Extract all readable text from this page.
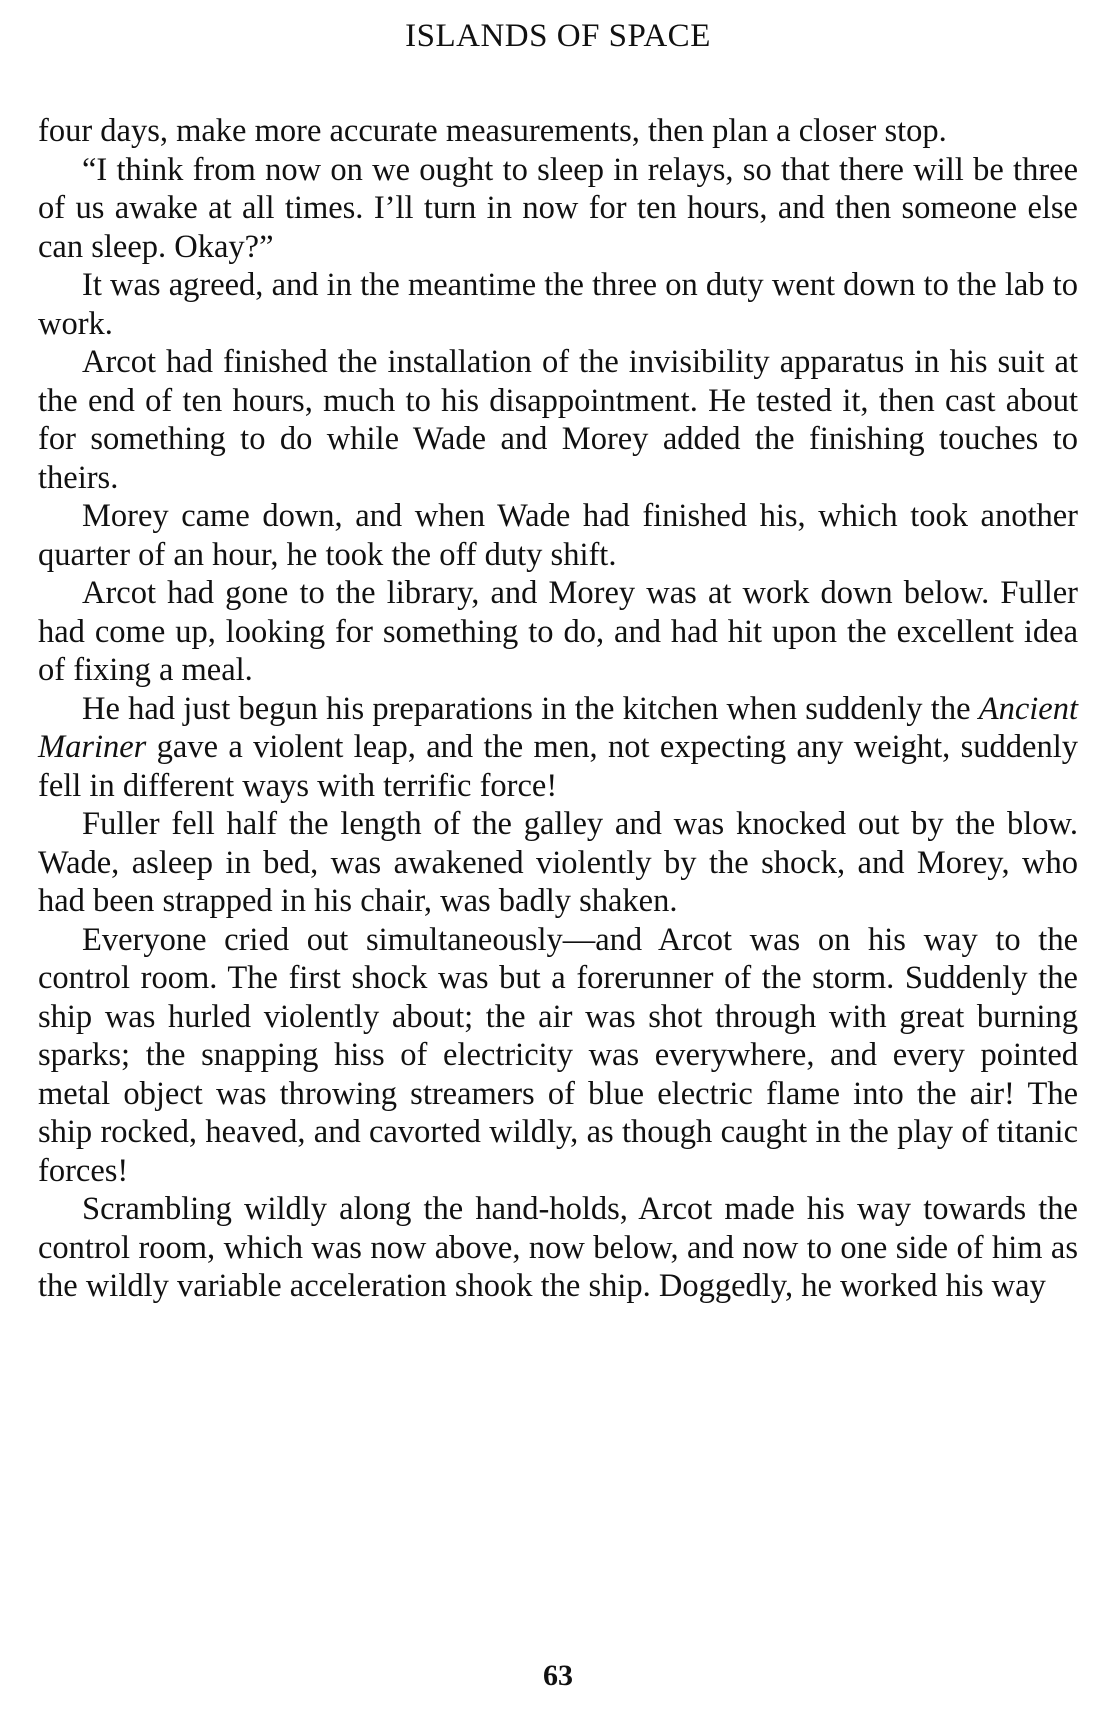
ISLANDS OF SPACE

four days, make more accurate measurements, then plan a closer stop.

“I think from now on we ought to sleep in relays, so that there will be three of us awake at all times. I’ll turn in now for ten hours, and then someone else can sleep. Okay?”

It was agreed, and in the meantime the three on duty went down to the lab to work.

Arcot had finished the installation of the invisibility apparatus in his suit at the end of ten hours, much to his disappointment. He tested it, then cast about for something to do while Wade and Morey added the finishing touches to theirs.

Morey came down, and when Wade had finished his, which took another quarter of an hour, he took the off duty shift.

Arcot had gone to the library, and Morey was at work down below. Fuller had come up, looking for something to do, and had hit upon the excellent idea of fixing a meal.

He had just begun his preparations in the kitchen when suddenly the Ancient Mariner gave a violent leap, and the men, not expecting any weight, suddenly fell in different ways with terrific force!

Fuller fell half the length of the galley and was knocked out by the blow. Wade, asleep in bed, was awakened violently by the shock, and Morey, who had been strapped in his chair, was badly shaken.

Everyone cried out simultaneously—and Arcot was on his way to the control room. The first shock was but a forerunner of the storm. Suddenly the ship was hurled violently about; the air was shot through with great burning sparks; the snapping hiss of electricity was everywhere, and every pointed metal object was throwing streamers of blue electric flame into the air! The ship rocked, heaved, and cavorted wildly, as though caught in the play of titanic forces!

Scrambling wildly along the hand-holds, Arcot made his way towards the control room, which was now above, now below, and now to one side of him as the wildly variable acceleration shook the ship. Doggedly, he worked his way

63
